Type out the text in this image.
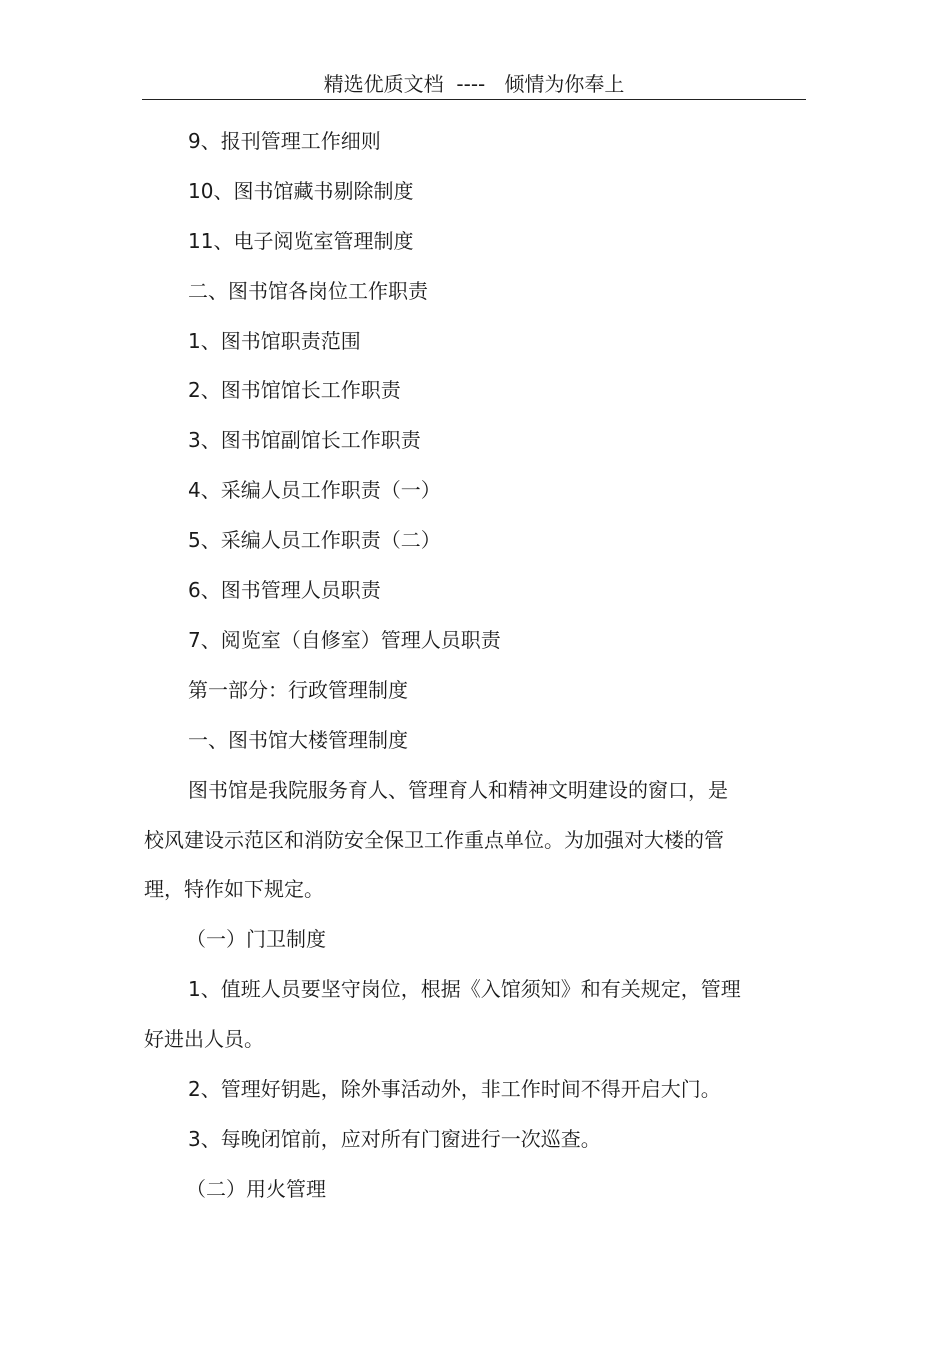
精选优质文档  ----   倾情为你奉上
9、报刊管理工作细则
10、图书馆藏书剔除制度
11、电子阅览室管理制度
二、图书馆各岗位工作职责
1、图书馆职责范围
2、图书馆馆长工作职责
3、图书馆副馆长工作职责
4、采编人员工作职责（一）
5、采编人员工作职责（二）
6、图书管理人员职责
7、阅览室（自修室）管理人员职责
第一部分：行政管理制度
一、图书馆大楼管理制度
图书馆是我院服务育人、管理育人和精神文明建设的窗口，是
校风建设示范区和消防安全保卫工作重点单位。为加强对大楼的管
理，特作如下规定。
（一）门卫制度
1、值班人员要坚守岗位，根据《入馆须知》和有关规定，管理
好进出人员。
2、管理好钥匙，除外事活动外，非工作时间不得开启大门。
3、每晚闭馆前，应对所有门窗进行一次巡查。
（二）用火管理
